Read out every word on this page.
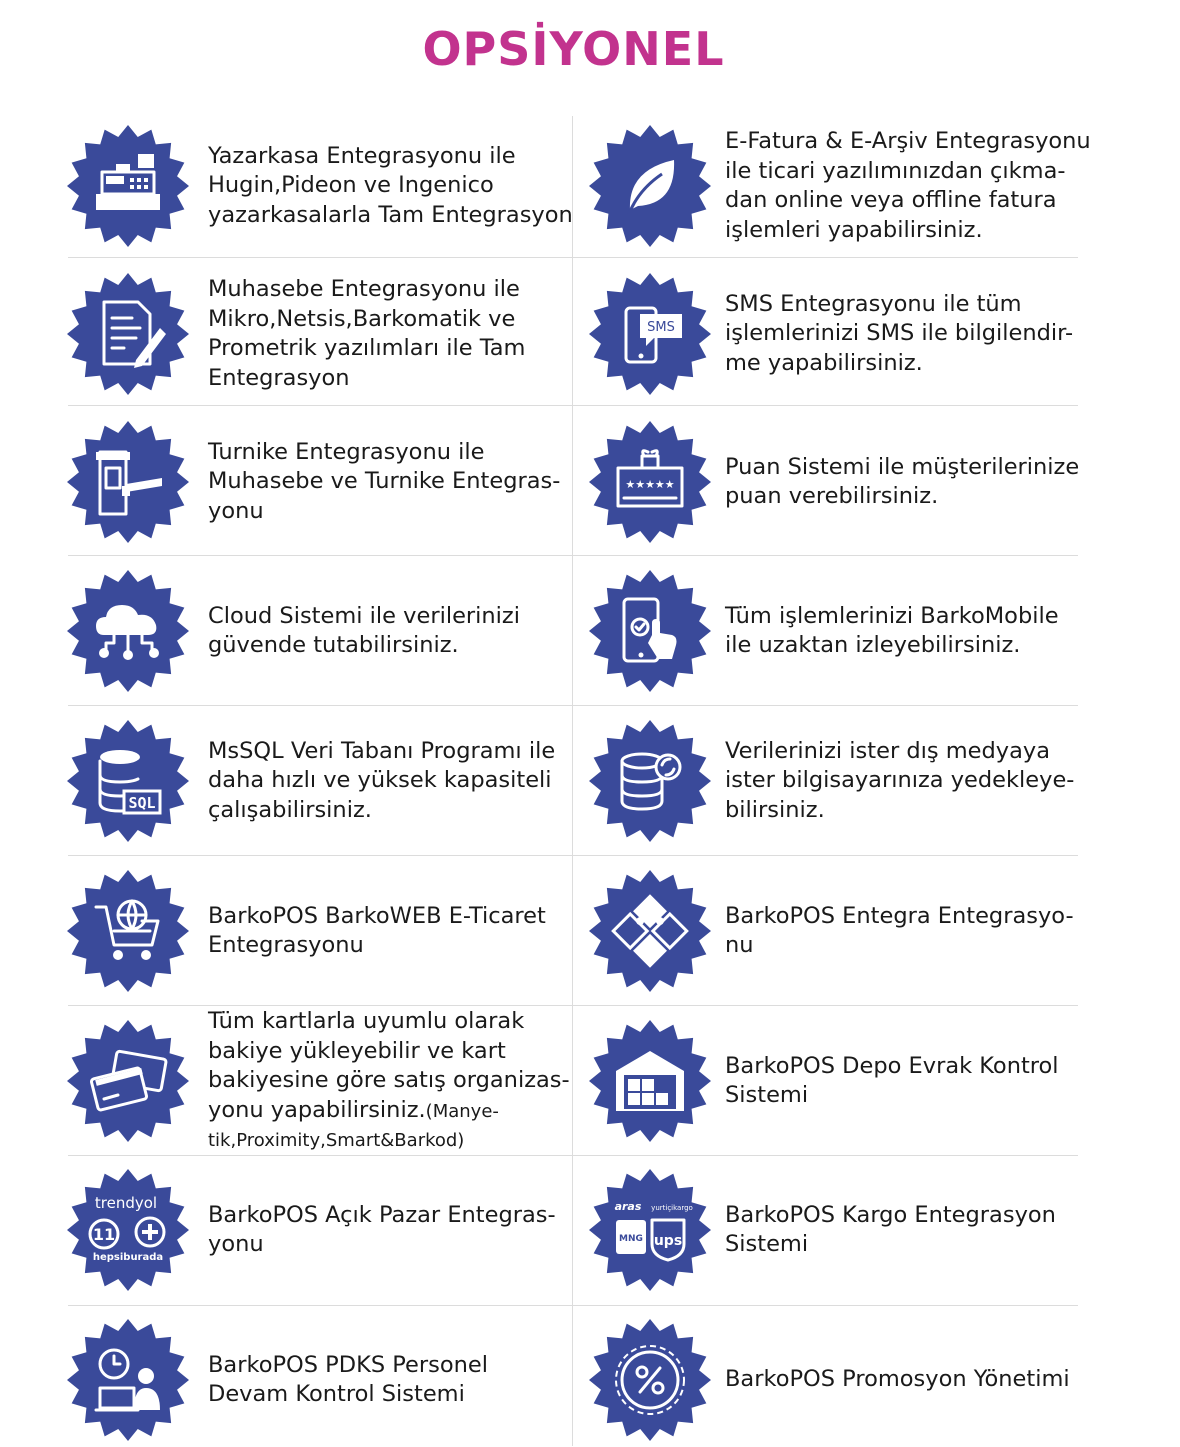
OPSİYONEL
Yazarkasa Entegrasyonu ile
Hugin,Pideon ve Ingenico
yazarkasalarla Tam Entegrasyon
Muhasebe Entegrasyonu ile
Mikro,Netsis,Barkomatik ve
Prometrik yazılımları ile Tam
Entegrasyon
Turnike Entegrasyonu ile
Muhasebe ve Turnike Entegras-
yonu
Cloud Sistemi ile verilerinizi
güvende tutabilirsiniz.
SQL
MsSQL Veri Tabanı Programı ile
daha hızlı ve yüksek kapasiteli
çalışabilirsiniz.
BarkoPOS BarkoWEB E-Ticaret
Entegrasyonu
Tüm kartlarla uyumlu olarak
bakiye yükleyebilir ve kart
bakiyesine göre satış organizas-
yonu yapabilirsiniz.(Manye-
tik,Proximity,Smart&Barkod)
trendyol
11
hepsiburada
BarkoPOS Açık Pazar Entegras-
yonu
BarkoPOS PDKS Personel
Devam Kontrol Sistemi
E-Fatura & E-Arşiv Entegrasyonu
ile ticari yazılımınızdan çıkma-
dan online veya offline fatura
işlemleri yapabilirsiniz.
SMS
SMS Entegrasyonu ile tüm
işlemlerinizi SMS ile bilgilendir-
me yapabilirsiniz.
★★★★★
Puan Sistemi ile müşterilerinize
puan verebilirsiniz.
Tüm işlemlerinizi BarkoMobile
ile uzaktan izleyebilirsiniz.
Verilerinizi ister dış medyaya
ister bilgisayarınıza yedekleye-
bilirsiniz.
BarkoPOS Entegra Entegrasyo-
nu
BarkoPOS Depo Evrak Kontrol
Sistemi
aras yurtiçikargo
MNG ups
BarkoPOS Kargo Entegrasyon
Sistemi
BarkoPOS Promosyon Yönetimi
